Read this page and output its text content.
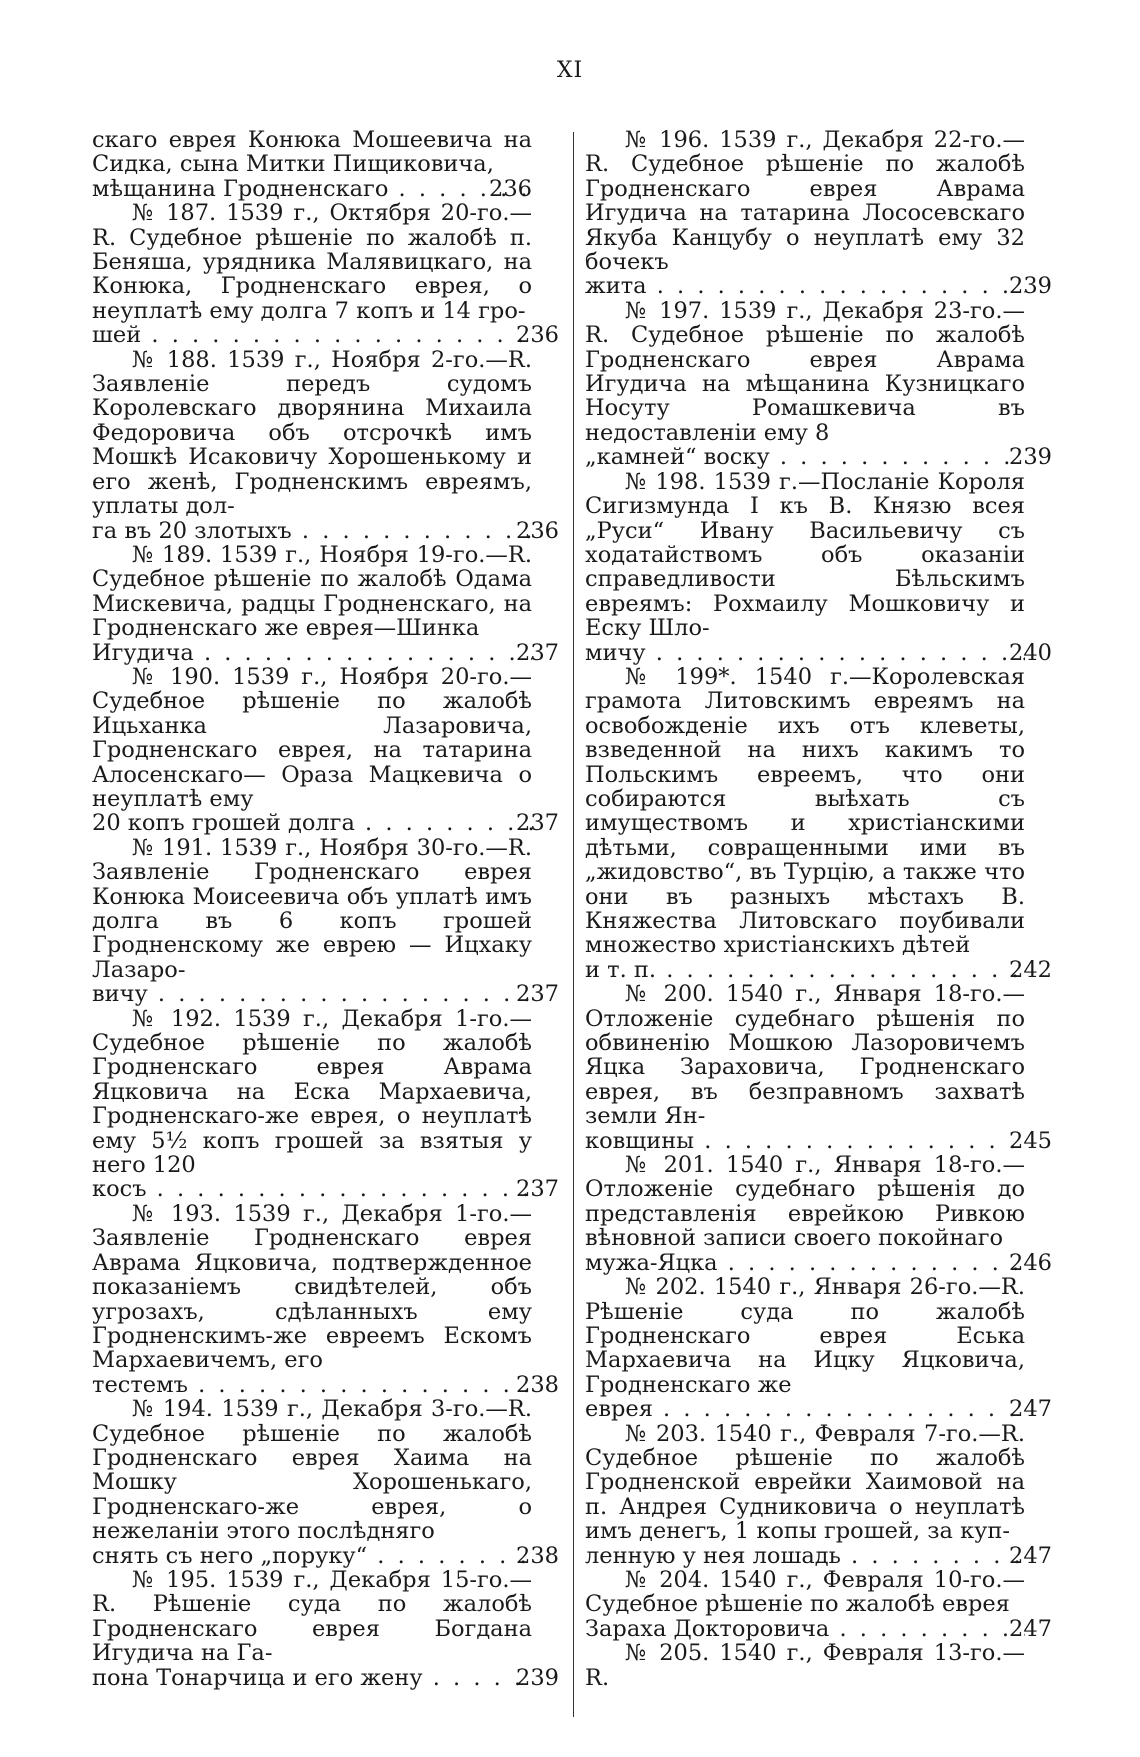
XI
скаго еврея Конюка Мошеевича на Сидка, сына Митки Пищиковича,
мѣщанина Гродненскаго . . .	236
№ 187. 1539 г., Октября 20-го.—R. Судебное рѣшеніе по жалобѣ п. Беняша, урядника Малявицкаго, на Конюка, Гродненскаго еврея, о неуплатѣ ему долга 7 копъ и 14 гро-
шей . . .	236
№ 188. 1539 г., Ноября 2-го.—R. Заявленіе передъ судомъ Королевскаго дворянина Михаила Федоровича объ отсрочкѣ имъ Мошкѣ Исаковичу Хорошенькому и его женѣ, Гродненскимъ евреямъ, уплаты дол-
га въ 20 злотыхъ . . .	236
№ 189. 1539 г., Ноября 19-го.—R. Судебное рѣшеніе по жалобѣ Одама Мискевича, радцы Гродненскаго, на Гродненскаго же еврея—Шинка
Игудича . . .	237
№ 190. 1539 г., Ноября 20-го.— Судебное рѣшеніе по жалобѣ Ицьханка Лазаровича, Гродненскаго еврея, на татарина Алосенскаго— Ораза Мацкевича о неуплатѣ ему
20 копъ грошей долга . . .	237
№ 191. 1539 г., Ноября 30-го.—R. Заявленіе Гродненскаго еврея Конюка Моисеевича объ уплатѣ имъ долга въ 6 копъ грошей Гродненскому же еврею — Ицхаку Лазаро-
вичу . . .	237
№ 192. 1539 г., Декабря 1-го.— Судебное рѣшеніе по жалобѣ Гродненскаго еврея Аврама Яцковича на Еска Мархаевича, Гродненскаго-же еврея, о неуплатѣ ему 5½ копъ грошей за взятыя у него 120
косъ . . .	237
№ 193. 1539 г., Декабря 1-го.— Заявленіе Гродненскаго еврея Аврама Яцковича, подтвержденное показаніемъ свидѣтелей, объ угрозахъ, сдѣланныхъ ему Гродненскимъ-же евреемъ Ескомъ Мархаевичемъ, его
тестемъ . . .	238
№ 194. 1539 г., Декабря 3-го.—R. Судебное рѣшеніе по жалобѣ Гродненскаго еврея Хаима на Мошку Хорошенькаго, Гродненскаго-же еврея, о нежеланіи этого послѣдняго
снять съ него „поруку“ . . .	238
№ 195. 1539 г., Декабря 15-го.—R. Рѣшеніе суда по жалобѣ Гродненскаго еврея Богдана Игудича на Га-
пона Тонарчица и его жену . . .	239
№ 196. 1539 г., Декабря 22-го.—R. Судебное рѣшеніе по жалобѣ Гродненскаго еврея Аврама Игудича на татарина Лососевскаго Якуба Канцубу о неуплатѣ ему 32 бочекъ
жита . . .	239
№ 197. 1539 г., Декабря 23-го.—R. Судебное рѣшеніе по жалобѣ Гродненскаго еврея Аврама Игудича на мѣщанина Кузницкаго Носуту Ромашкевича въ недоставленіи ему 8
„камней“ воску . . .	239
№ 198. 1539 г.—Посланіе Короля Сигизмунда I къ В. Князю всея „Руси“ Ивану Васильевичу съ ходатайствомъ объ оказаніи справедливости Бѣльскимъ евреямъ: Рохмаилу Мошковичу и Еску Шло-
мичу . . .	240
№ 199*. 1540 г.—Королевская грамота Литовскимъ евреямъ на освобожденіе ихъ отъ клеветы, взведенной на нихъ какимъ то Польскимъ евреемъ, что они собираются выѣхать съ имуществомъ и христіанскими дѣтьми, совращенными ими въ „жидовство“, въ Турцію, а также что они въ разныхъ мѣстахъ В. Княжества Литовскаго поубивали множество христіанскихъ дѣтей
и т. п. . . .	242
№ 200. 1540 г., Января 18-го.— Отложеніе судебнаго рѣшенія по обвиненію Мошкою Лазоровичемъ Яцка Зараховича, Гродненскаго еврея, въ безправномъ захватѣ земли Ян-
ковщины . . .	245
№ 201. 1540 г., Января 18-го.— Отложеніе судебнаго рѣшенія до представленія еврейкою Ривкою вѣновной записи своего покойнаго
мужа-Яцка . . .	246
№ 202. 1540 г., Января 26-го.—R. Рѣшеніе суда по жалобѣ Гродненскаго еврея Еська Мархаевича на Ицку Яцковича, Гродненскаго же
еврея . . .	247
№ 203. 1540 г., Февраля 7-го.—R. Судебное рѣшеніе по жалобѣ Гродненской еврейки Хаимовой на п. Андрея Судниковича о неуплатѣ имъ денегъ, 1 копы грошей, за куп-
ленную у нея лошадь . . .	247
№ 204. 1540 г., Февраля 10-го.— Судебное рѣшеніе по жалобѣ еврея
Зараха Докторовича . . .	247
№ 205. 1540 г., Февраля 13-го.—R.
